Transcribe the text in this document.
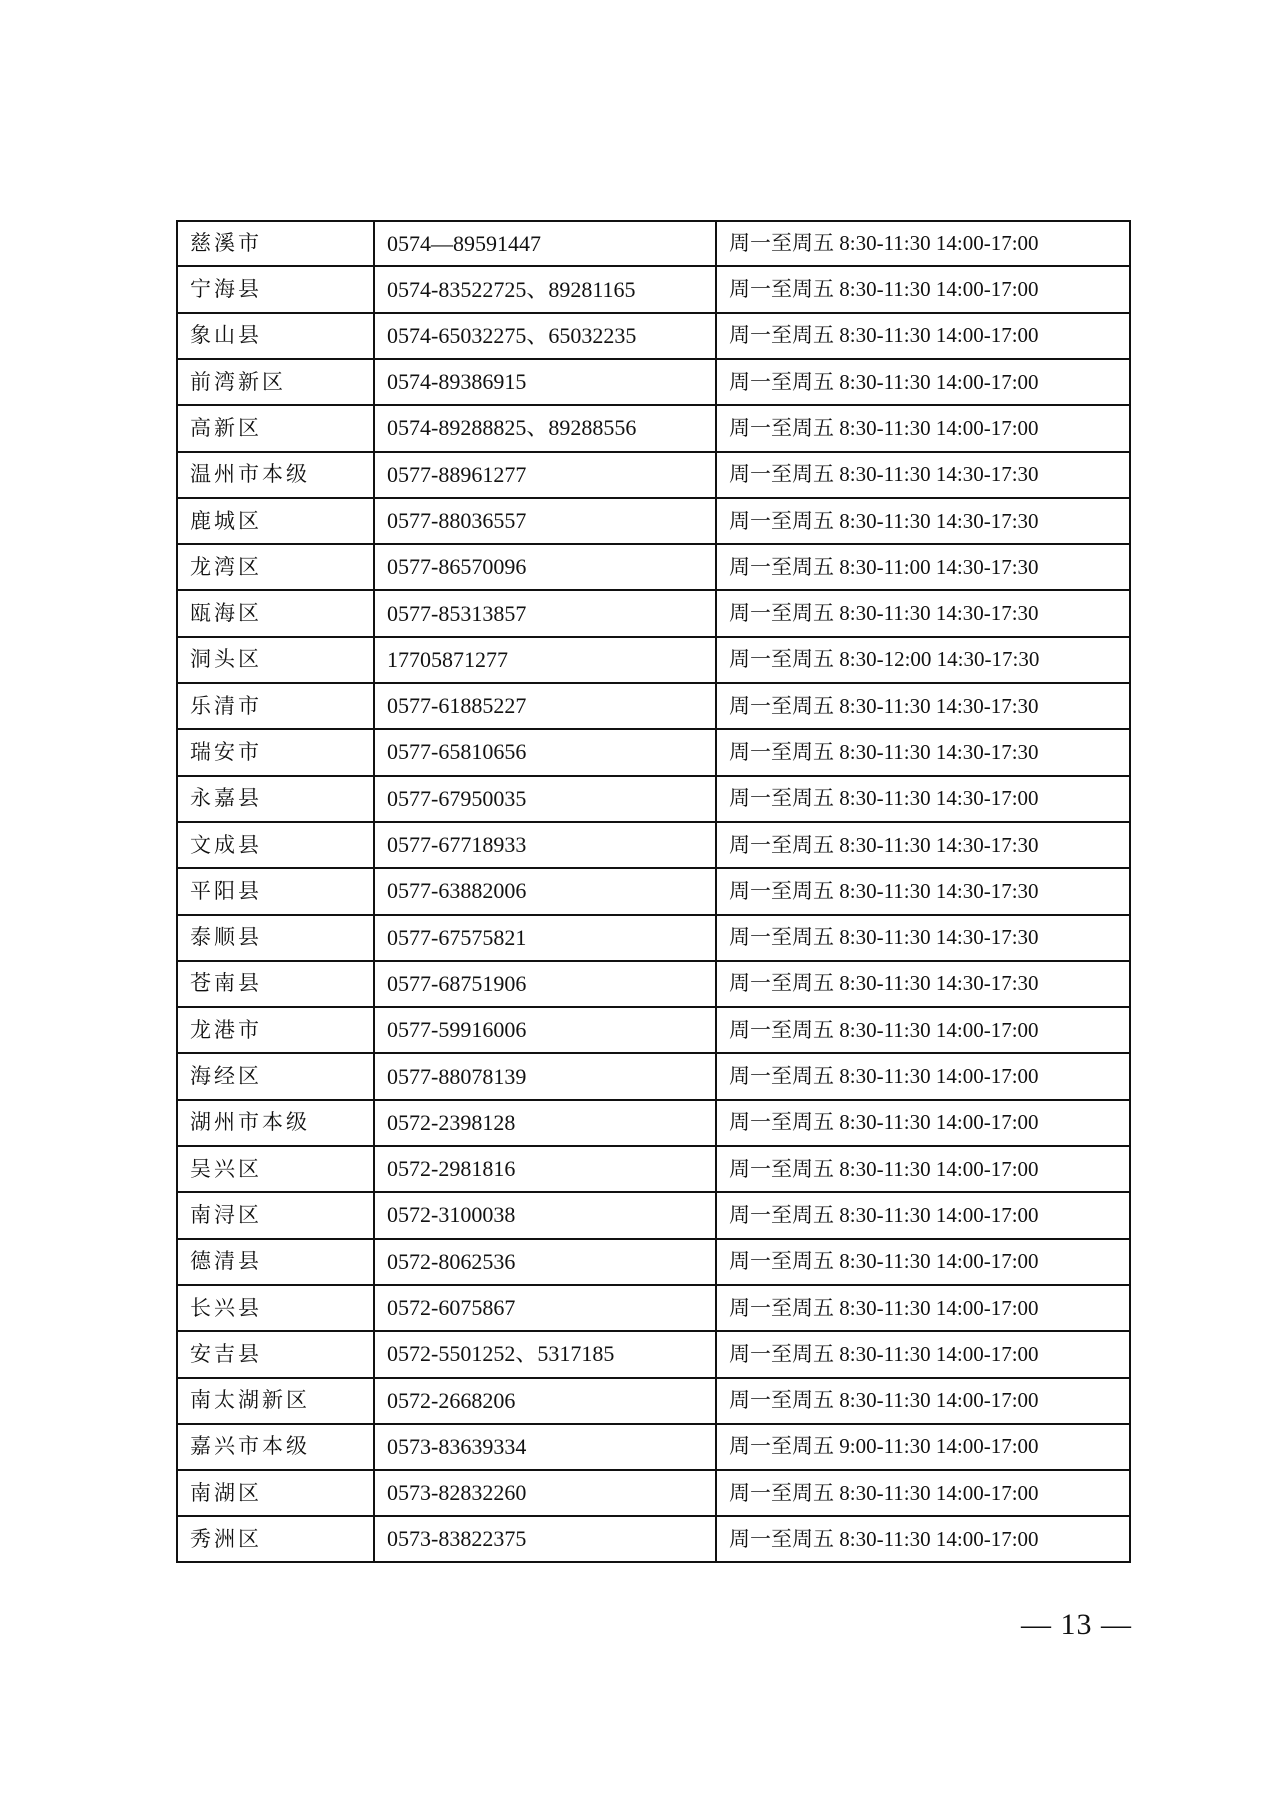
慈溪市	0574—89591447	周一至周五 8:30-11:30 14:00-17:00
宁海县	0574-83522725、89281165	周一至周五 8:30-11:30 14:00-17:00
象山县	0574-65032275、65032235	周一至周五 8:30-11:30 14:00-17:00
前湾新区	0574-89386915	周一至周五 8:30-11:30 14:00-17:00
高新区	0574-89288825、89288556	周一至周五 8:30-11:30 14:00-17:00
温州市本级	0577-88961277	周一至周五 8:30-11:30 14:30-17:30
鹿城区	0577-88036557	周一至周五 8:30-11:30 14:30-17:30
龙湾区	0577-86570096	周一至周五 8:30-11:00 14:30-17:30
瓯海区	0577-85313857	周一至周五 8:30-11:30 14:30-17:30
洞头区	17705871277	周一至周五 8:30-12:00 14:30-17:30
乐清市	0577-61885227	周一至周五 8:30-11:30 14:30-17:30
瑞安市	0577-65810656	周一至周五 8:30-11:30 14:30-17:30
永嘉县	0577-67950035	周一至周五 8:30-11:30 14:30-17:00
文成县	0577-67718933	周一至周五 8:30-11:30 14:30-17:30
平阳县	0577-63882006	周一至周五 8:30-11:30 14:30-17:30
泰顺县	0577-67575821	周一至周五 8:30-11:30 14:30-17:30
苍南县	0577-68751906	周一至周五 8:30-11:30 14:30-17:30
龙港市	0577-59916006	周一至周五 8:30-11:30 14:00-17:00
海经区	0577-88078139	周一至周五 8:30-11:30 14:00-17:00
湖州市本级	0572-2398128	周一至周五 8:30-11:30 14:00-17:00
吴兴区	0572-2981816	周一至周五 8:30-11:30 14:00-17:00
南浔区	0572-3100038	周一至周五 8:30-11:30 14:00-17:00
德清县	0572-8062536	周一至周五 8:30-11:30 14:00-17:00
长兴县	0572-6075867	周一至周五 8:30-11:30 14:00-17:00
安吉县	0572-5501252、5317185	周一至周五 8:30-11:30 14:00-17:00
南太湖新区	0572-2668206	周一至周五 8:30-11:30 14:00-17:00
嘉兴市本级	0573-83639334	周一至周五 9:00-11:30 14:00-17:00
南湖区	0573-82832260	周一至周五 8:30-11:30 14:00-17:00
秀洲区	0573-83822375	周一至周五 8:30-11:30 14:00-17:00
— 13 —
